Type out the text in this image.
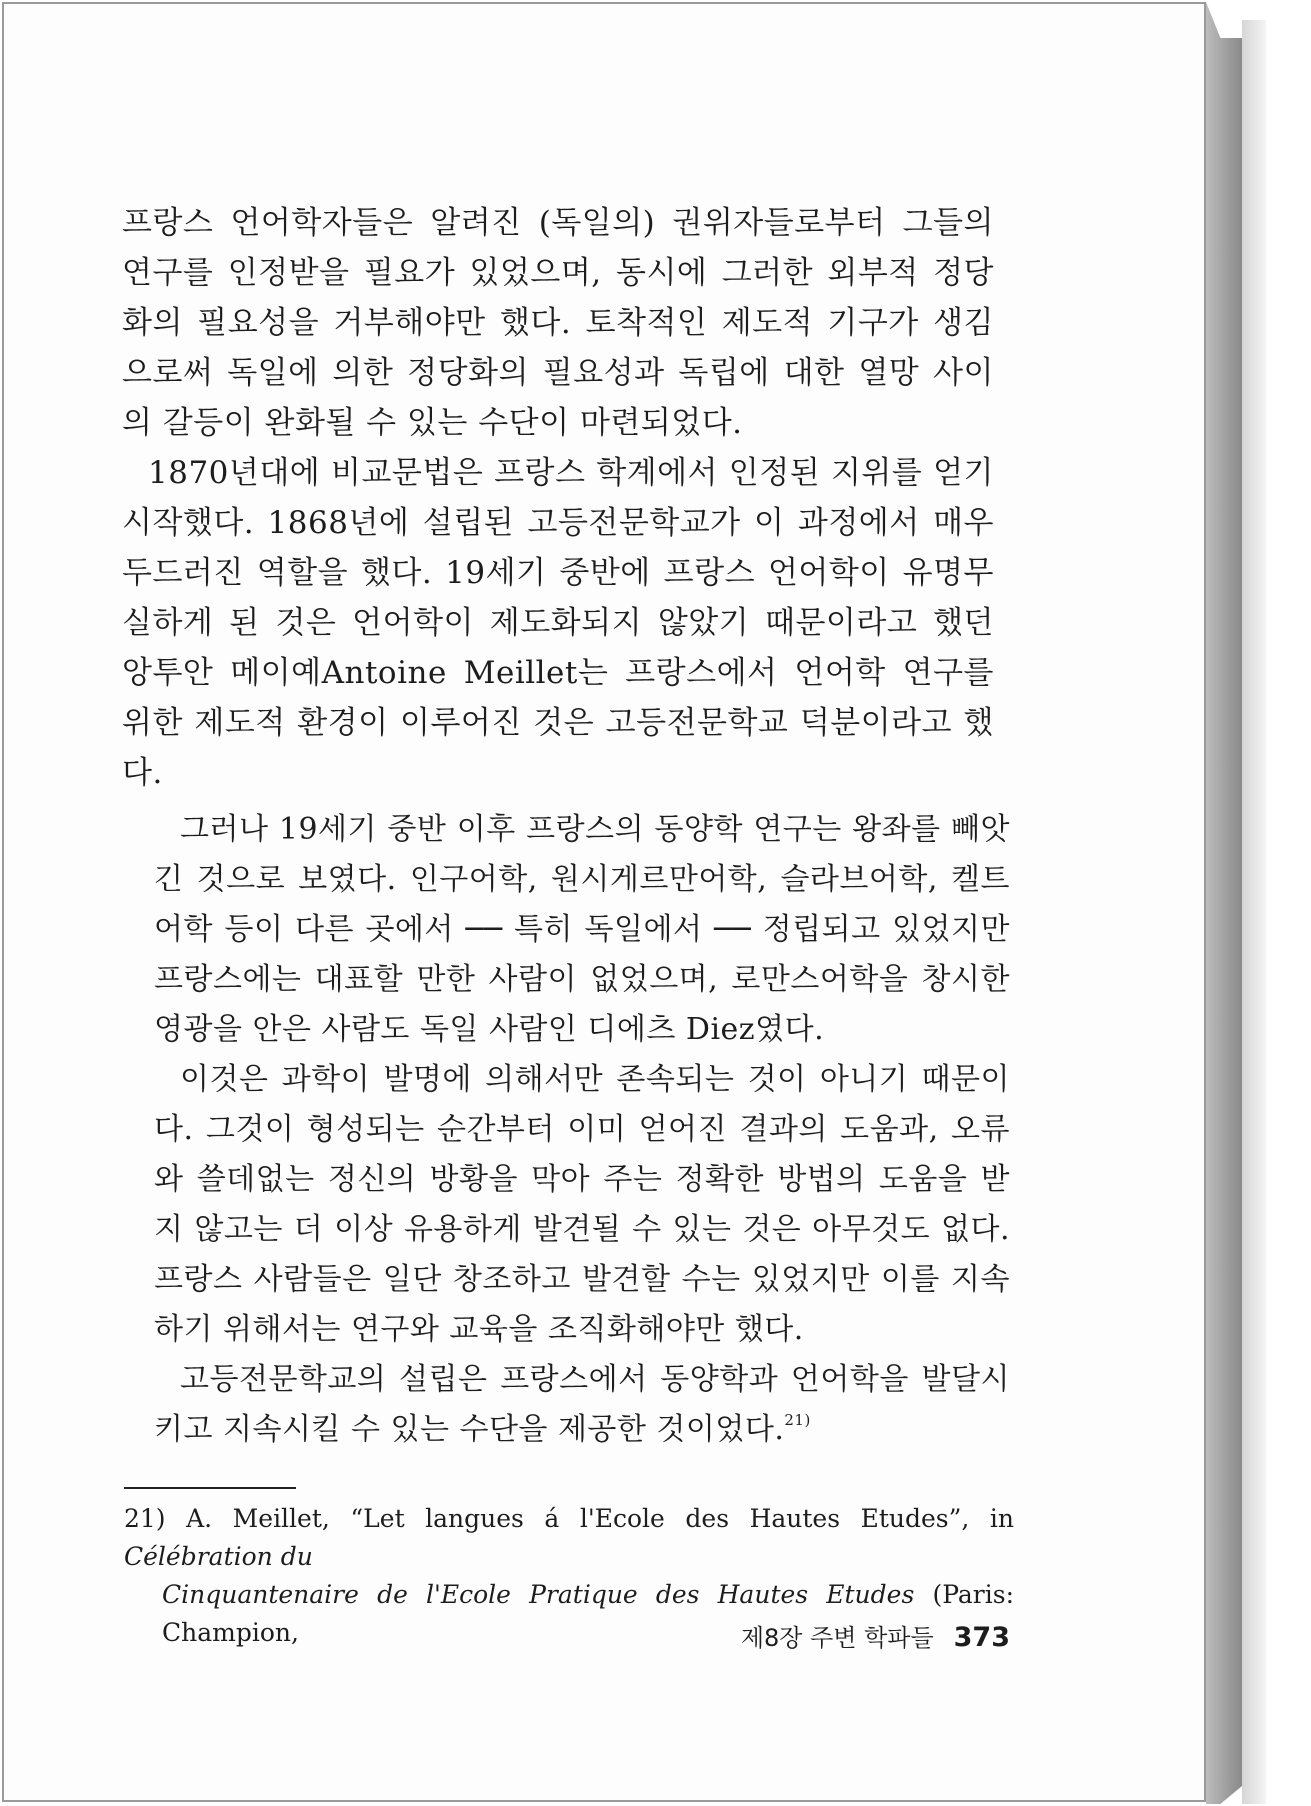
프랑스 언어학자들은 알려진 (독일의) 권위자들로부터 그들의 연구를 인정받을 필요가 있었으며, 동시에 그러한 외부적 정당화의 필요성을 거부해야만 했다. 토착적인 제도적 기구가 생김으로써 독일에 의한 정당화의 필요성과 독립에 대한 열망 사이의 갈등이 완화될 수 있는 수단이 마련되었다.

1870년대에 비교문법은 프랑스 학계에서 인정된 지위를 얻기 시작했다. 1868년에 설립된 고등전문학교가 이 과정에서 매우 두드러진 역할을 했다. 19세기 중반에 프랑스 언어학이 유명무실하게 된 것은 언어학이 제도화되지 않았기 때문이라고 했던 앙투안 메이예Antoine Meillet는 프랑스에서 언어학 연구를 위한 제도적 환경이 이루어진 것은 고등전문학교 덕분이라고 했다.

그러나 19세기 중반 이후 프랑스의 동양학 연구는 왕좌를 빼앗긴 것으로 보였다. 인구어학, 원시게르만어학, 슬라브어학, 켈트어학 등이 다른 곳에서 ── 특히 독일에서 ── 정립되고 있었지만 프랑스에는 대표할 만한 사람이 없었으며, 로만스어학을 창시한 영광을 안은 사람도 독일 사람인 디에츠 Diez였다.

이것은 과학이 발명에 의해서만 존속되는 것이 아니기 때문이다. 그것이 형성되는 순간부터 이미 얻어진 결과의 도움과, 오류와 쓸데없는 정신의 방황을 막아 주는 정확한 방법의 도움을 받지 않고는 더 이상 유용하게 발견될 수 있는 것은 아무것도 없다. 프랑스 사람들은 일단 창조하고 발견할 수는 있었지만 이를 지속하기 위해서는 연구와 교육을 조직화해야만 했다.

고등전문학교의 설립은 프랑스에서 동양학과 언어학을 발달시키고 지속시킬 수 있는 수단을 제공한 것이었다.$^{21)}$

21) A. Meillet, “Let langues á l'Ecole des Hautes Etudes”, in Célébration du
Cinquantenaire de l'Ecole Pratique des Hautes Etudes (Paris: Champion,	제8장 주변 학파들 373
